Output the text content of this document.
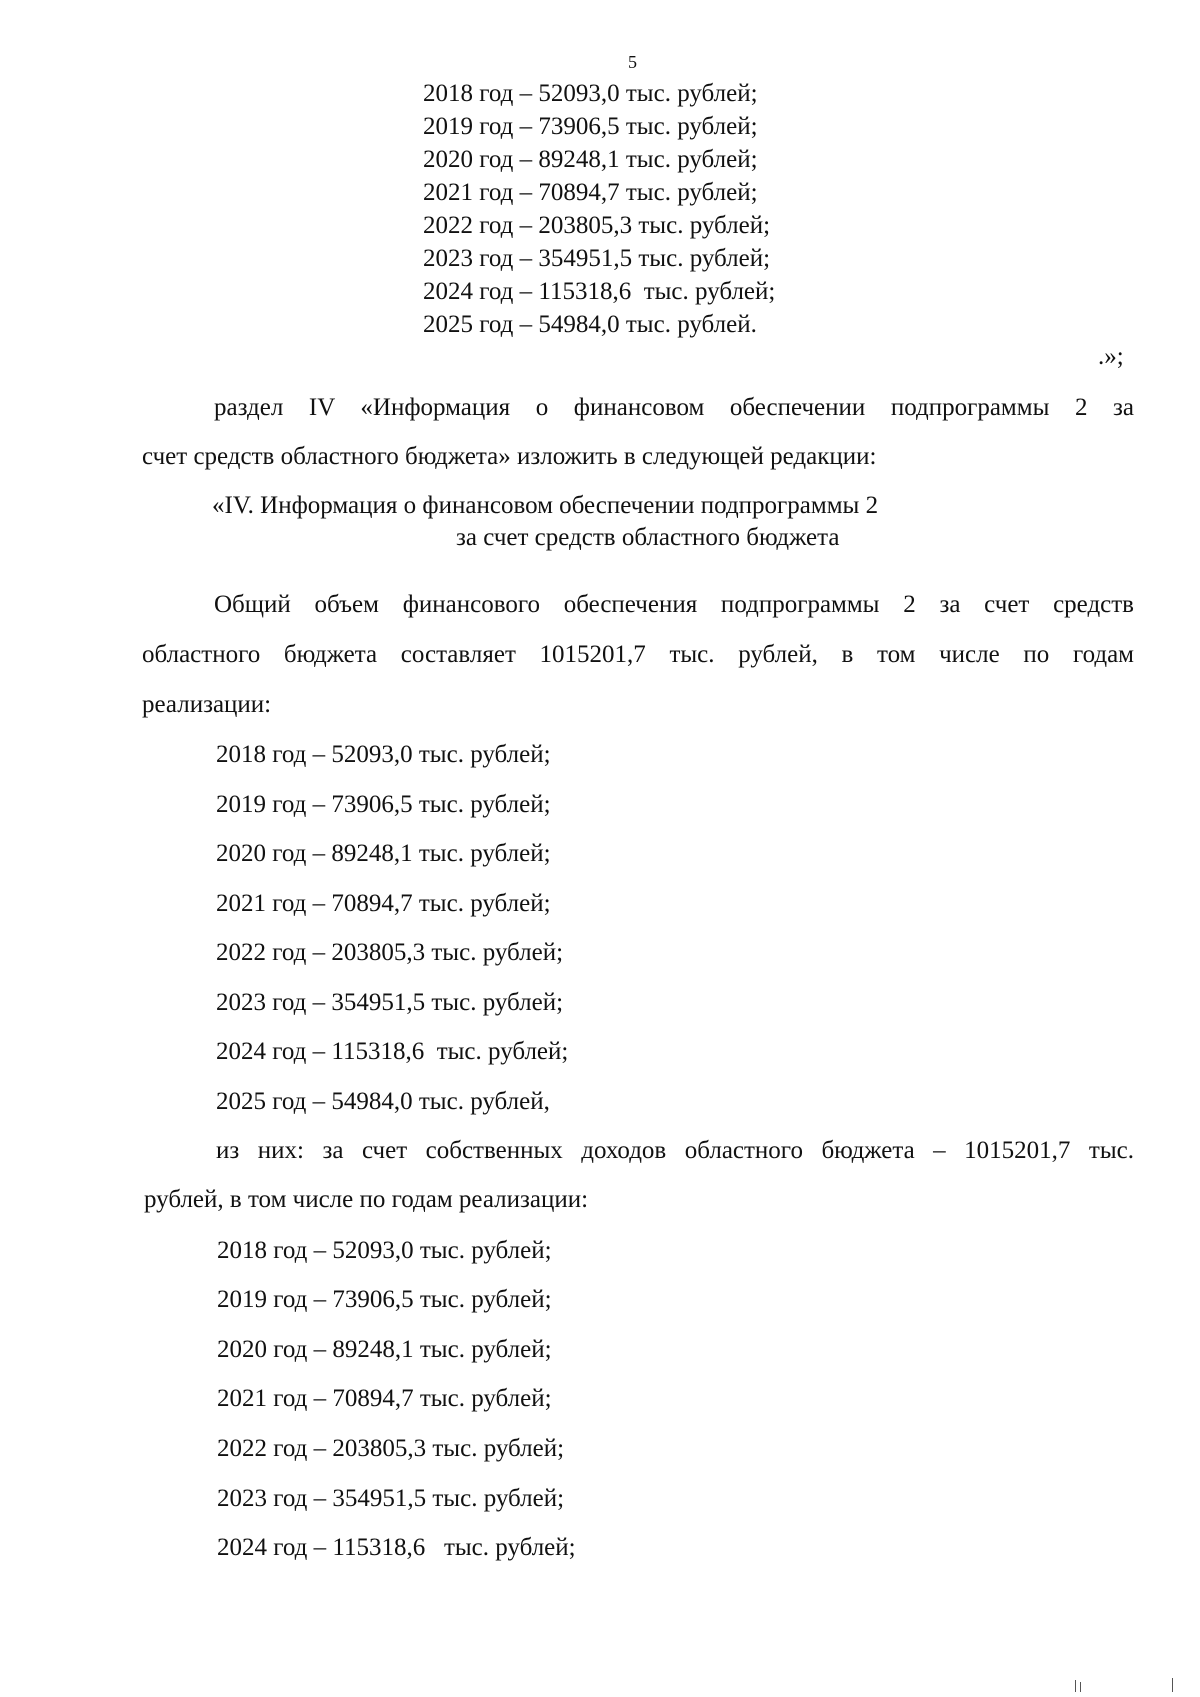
5
2018 год – 52093,0 тыс. рублей;
2019 год – 73906,5 тыс. рублей;
2020 год – 89248,1 тыс. рублей;
2021 год – 70894,7 тыс. рублей;
2022 год – 203805,3 тыс. рублей;
2023 год – 354951,5 тыс. рублей;
2024 год – 115318,6  тыс. рублей;
2025 год – 54984,0 тыс. рублей.
.»;
раздел IV «Информация о финансовом обеспечении подпрограммы 2 за
счет средств областного бюджета» изложить в следующей редакции:
«IV. Информация о финансовом обеспечении подпрограммы 2
за счет средств областного бюджета
Общий объем финансового обеспечения подпрограммы 2 за счет средств
областного бюджета составляет 1015201,7 тыс. рублей, в том числе по годам
реализации:
2018 год – 52093,0 тыс. рублей;
2019 год – 73906,5 тыс. рублей;
2020 год – 89248,1 тыс. рублей;
2021 год – 70894,7 тыс. рублей;
2022 год – 203805,3 тыс. рублей;
2023 год – 354951,5 тыс. рублей;
2024 год – 115318,6  тыс. рублей;
2025 год – 54984,0 тыс. рублей,
из них: за счет собственных доходов областного бюджета – 1015201,7 тыс.
рублей, в том числе по годам реализации:
2018 год – 52093,0 тыс. рублей;
2019 год – 73906,5 тыс. рублей;
2020 год – 89248,1 тыс. рублей;
2021 год – 70894,7 тыс. рублей;
2022 год – 203805,3 тыс. рублей;
2023 год – 354951,5 тыс. рублей;
2024 год – 115318,6   тыс. рублей;
